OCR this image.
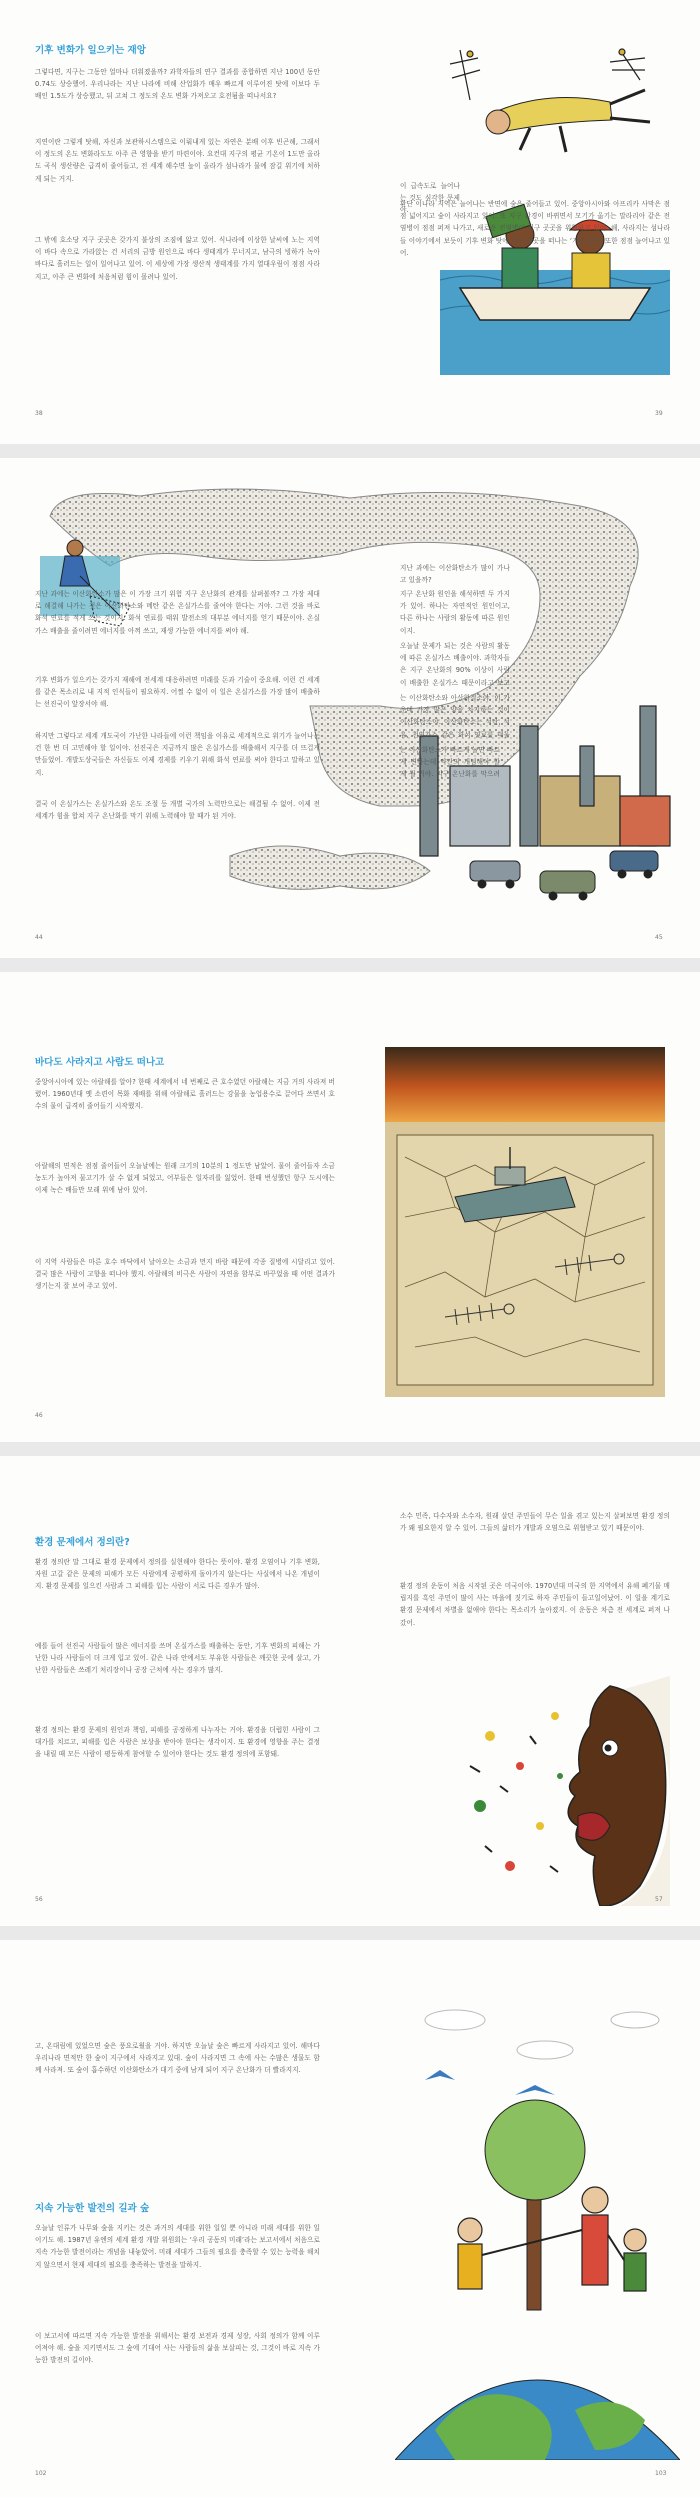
기후 변화가 일으키는 재앙

그렇다면, 지구는 그동안 얼마나 더워졌을까? 과학자들의 연구 결과를 종합하면 지난 100년 동안 0.74도 상승했어. 우리나라는 지난 나라에 비해 산업화가 매우 빠르게 이루어진 탓에 이보다 두 배인 1.5도가 상승했고, 뒤 고쳐 그 정도의 온도 변화 가져오고 호전됨을 떠나서요?

지연이란 그렇게 탓해, 자신과 보관하시스템으로 이뤄내게 있는 자연은 분배 이후 빈곤해, 그래서 이 정도의 온도 변화라도도 아주 큰 영향을 받기 마련이야. 요컨대 지구의 평균 기온이 1도만 올라도 곡식 생산량은 급격히 줄어들고, 전 세계 해수면 높이 올라가 섬나라가 물에 잠길 위기에 처하게 되는 거지.

그 밖에 호소당 지구 곳곳은 갖가지 불상의 조짐에 앓고 있어. 식나라에 이상한 날씨에 노는 지역이 바다 속으로 가라앉는 건 서리의 금방 원인으로 바다 생태계가 무너지고, 남극의 빙하가 녹아 바다로 흘러드는 일이 일어나고 있어. 이 세상에 가장 생산적 생태계를 가지 열대우림이 점점 사라지고, 아주 큰 변화에 처음처럼 힘이 몰려나 있어.

38

이 급속도로 늘어나는 것도 심각한 문제야.

환단 이나라 지역은 늘어나는 반면에 숲은 줄어들고 있어. 중앙아시아와 아프리카 사막은 점점 넓어지고 숲이 사라지고 있어. 또 지구 환경이 바뀌면서 모기가 옮기는 말라리아 같은 전염병이 점점 퍼져 나가고, 새로운 전염병이 지구 곳곳을 위협하고 있어. 해, 사라지는 섬나라들 이야기에서 보듯이 기후 변화 탓에 지구 곳곳을 떠나는 ‘기후 난민’ 또한 점점 늘어나고 있어.

39

지난 과에는 이산화탄소가 많은 이 가장 크기 위험 지구 온난화의 관계를 살펴볼까? 그 가장 제대로 해결해 나가는 것은 이산화탄소와 메탄 같은 온실가스를 줄여야 한다는 거야. 그런 것을 바로 화석 연료를 적게 쓰는 것이지. 화석 연료를 태워 발전소의 대부분 에너지를 얻기 때문이야. 온실가스 배출을 줄이려면 에너지를 아껴 쓰고, 재생 가능한 에너지를 써야 해.

기후 변화가 일으키는 갖가지 재해에 전세계 대응하려면 미래를 돈과 기술이 중요해. 이런 건 세계를 같은 목소리로 내 지적 인식들이 필요하지. 어쩔 수 없이 이 일은 온실가스를 가장 많이 배출하는 선진국이 앞장서야 해.

하지만 그렇다고 세계 개도국이 가난한 나라들에 이런 책임을 이유로 세계적으로 위기가 늘어나는 건 한 번 더 고민해야 할 일이야. 선진국은 지금까지 많은 온실가스를 배출해서 지구를 더 뜨겁게 만들었어. 개발도상국들은 자신들도 이제 경제를 키우기 위해 화석 연료를 써야 한다고 말하고 있지.

결국 이 온실가스는 온실가스와 온도 조절 등 개별 국가의 노력만으로는 해결될 수 없어. 이제 전 세계가 힘을 합쳐 지구 온난화를 막기 위해 노력해야 할 때가 된 거야.

44

지난 과에는 이산화탄소가 많이 가나고 있을까?

지구 온난화 원인을 해석하면 두 가지가 있어. 하나는 자연적인 원인이고, 다른 하나는 사람의 활동에 따른 원인이지.

오늘날 문제가 되는 것은 사람의 활동에 따른 온실가스 배출이야. 과학자들은 지구 온난화의 90% 이상이 사람이 배출한 온실가스 때문이라고 보고

는 이산화탄소와 아산화질소야. 이 가운데 가장 많은 양을 차지하는 것이 이산화탄소야. 이산화탄소는 석탄, 석유, 천연가스 같은 화석 연료를 태울

는 이산화탄소가 빠르게 늘면 빠르게 변하는데 약간의 개념해야 할 게 될 거야. 지구 온난화를 막으려

45
바다도 사라지고 사람도 떠나고

중앙아시아에 있는 아랄해를 알아? 한때 세계에서 네 번째로 큰 호수였던 아랄해는 지금 거의 사라져 버렸어. 1960년대 옛 소련이 목화 재배를 위해 아랄해로 흘러드는 강물을 농업용수로 끌어다 쓰면서 호수의 물이 급격히 줄어들기 시작했지.

아랄해의 면적은 점점 줄어들어 오늘날에는 원래 크기의 10분의 1 정도만 남았어. 물이 줄어들자 소금 농도가 높아져 물고기가 살 수 없게 되었고, 어부들은 일자리를 잃었어. 한때 번성했던 항구 도시에는 이제 녹슨 배들만 모래 위에 남아 있어.

이 지역 사람들은 마른 호수 바닥에서 날아오는 소금과 먼지 바람 때문에 각종 질병에 시달리고 있어. 결국 많은 사람이 고향을 떠나야 했지. 아랄해의 비극은 사람이 자연을 함부로 바꾸었을 때 어떤 결과가 생기는지 잘 보여 주고 있어.

46
환경 문제에서 정의란?

환경 정의란 말 그대로 환경 문제에서 정의를 실현해야 한다는 뜻이야. 환경 오염이나 기후 변화, 자원 고갈 같은 문제의 피해가 모든 사람에게 공평하게 돌아가지 않는다는 사실에서 나온 개념이지. 환경 문제를 일으킨 사람과 그 피해를 입는 사람이 서로 다른 경우가 많아.

예를 들어 선진국 사람들이 많은 에너지를 쓰며 온실가스를 배출하는 동안, 기후 변화의 피해는 가난한 나라 사람들이 더 크게 입고 있어. 같은 나라 안에서도 부유한 사람들은 깨끗한 곳에 살고, 가난한 사람들은 쓰레기 처리장이나 공장 근처에 사는 경우가 많지.

환경 정의는 환경 문제의 원인과 책임, 피해를 공정하게 나누자는 거야. 환경을 더럽힌 사람이 그 대가를 치르고, 피해를 입은 사람은 보상을 받아야 한다는 생각이지. 또 환경에 영향을 주는 결정을 내릴 때 모든 사람이 평등하게 참여할 수 있어야 한다는 것도 환경 정의에 포함돼.

56

소수 민족, 다수자와 소수자, 원래 살던 주민들이 무슨 일을 겪고 있는지 살펴보면 환경 정의가 왜 필요한지 알 수 있어. 그들의 삶터가 개발과 오염으로 위협받고 있기 때문이야.

환경 정의 운동이 처음 시작된 곳은 미국이야. 1970년대 미국의 한 지역에서 유해 폐기물 매립지를 흑인 주민이 많이 사는 마을에 짓기로 하자 주민들이 들고일어났어. 이 일을 계기로 환경 문제에서 차별을 없애야 한다는 목소리가 높아졌지. 이 운동은 차츰 전 세계로 퍼져 나갔어.

57

고, 온대림에 있었으면 숲은 풍요로웠을 거야. 하지만 오늘날 숲은 빠르게 사라지고 있어. 해마다 우리나라 면적만 한 숲이 지구에서 사라지고 있대. 숲이 사라지면 그 속에 사는 수많은 생물도 함께 사라져. 또 숲이 흡수하던 이산화탄소가 대기 중에 남게 되어 지구 온난화가 더 빨라지지.

지속 가능한 발전의 길과 숲

오늘날 인류가 나무와 숲을 지키는 것은 과거의 세대를 위한 일일 뿐 아니라 미래 세대를 위한 일이기도 해. 1987년 유엔의 세계 환경 개발 위원회는 ‘우리 공동의 미래’라는 보고서에서 처음으로 지속 가능한 발전이라는 개념을 내놓았어. 미래 세대가 그들의 필요를 충족할 수 있는 능력을 해치지 않으면서 현재 세대의 필요를 충족하는 발전을 말하지.

이 보고서에 따르면 지속 가능한 발전을 위해서는 환경 보전과 경제 성장, 사회 정의가 함께 이루어져야 해. 숲을 지키면서도 그 숲에 기대어 사는 사람들의 삶을 보살피는 것, 그것이 바로 지속 가능한 발전의 길이야.

102	103
